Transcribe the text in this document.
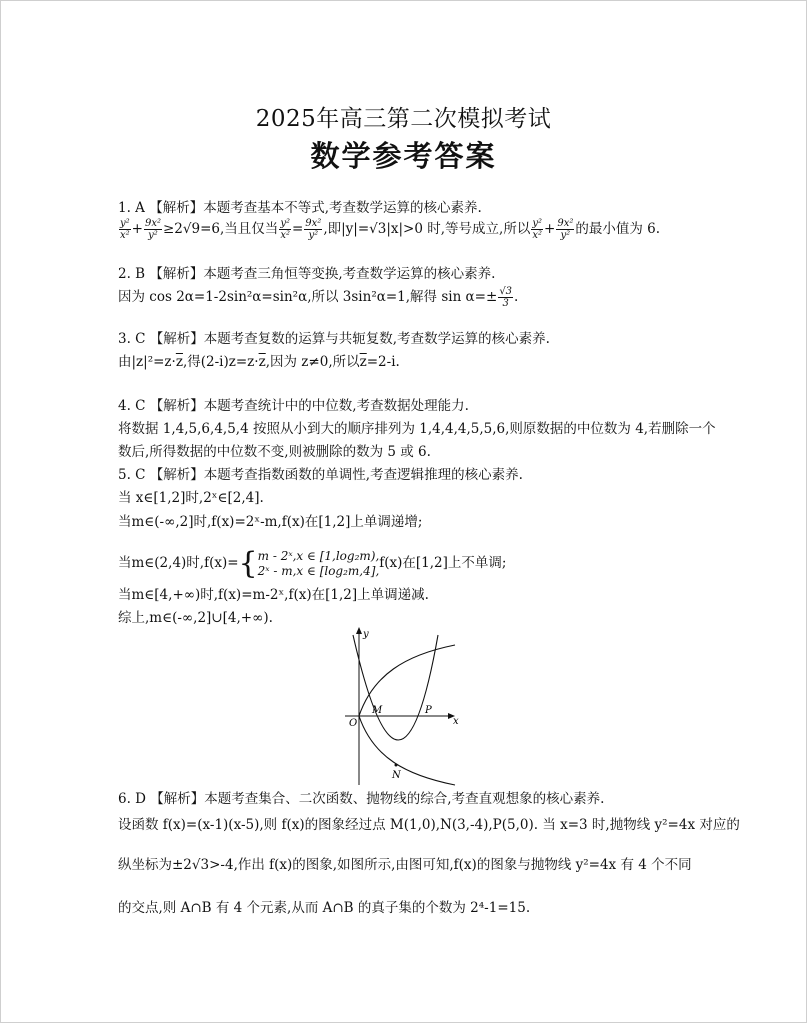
2025年高三第二次模拟考试
数学参考答案
1. A 【解析】本题考查基本不等式,考查数学运算的核心素养.
$\frac{\text{y²}}{\text{x²}} + \frac{\text{9x²}}{\text{y²}} \ge 2√9=6$,当且仅当 $\frac{\text{y²}}{\text{x²}} = \frac{\text{9x²}}{\text{y²}}$ ,即|y|=√3|x|>0 时,等号成立,所以 $\frac{\text{y²}}{\text{x²}} + \frac{\text{9x²}}{\text{y²}}$ 的最小值为 6.
2. B 【解析】本题考查三角恒等变换,考查数学运算的核心素养.
因为 cos 2α=1-2sin²α=sin²α,所以 3sin²α=1,解得 $\sin \alpha=\pm \frac{√3}{3}$ .
3. C 【解析】本题考查复数的运算与共轭复数,考查数学运算的核心素养.
由$|z|^2=z\cdot\overline{z}$,得$(2-i)z=z\cdot\overline{z}$,因为 z≠0,所以$\overline{z}=2-i$.
4. C 【解析】本题考查统计中的中位数,考查数据处理能力.
将数据 1,4,5,6,4,5,4 按照从小到大的顺序排列为 1,4,4,4,5,5,6,则原数据的中位数为 4,若删除一个
数后,所得数据的中位数不变,则被删除的数为 5 或 6.
5. C 【解析】本题考查指数函数的单调性,考查逻辑推理的核心素养.
当 x∈[1,2]时,2ˣ∈[2,4].
当m∈(-∞,2]时,f(x)=2ˣ-m,f(x)在[1,2]上单调递增;
当m∈(2,4)时,f(x)={ m - 2ˣ,x ∈ [1,log₂m),
2ˣ - m,x ∈ [log₂m,4], f(x)在[1,2]上不单调;
当m∈[4,+∞)时,f(x)=m-2ˣ,f(x)在[1,2]上单调递减.
综上,m∈(-∞,2]∪[4,+∞).
y
x
O
M	P
N
6. D 【解析】本题考查集合、二次函数、抛物线的综合,考查直观想象的核心素养.
设函数 f(x)=(x-1)(x-5),则 f(x)的图象经过点 M(1,0),N(3,-4),P(5,0). 当 x=3 时,抛物线 y²=4x 对应的
纵坐标为±2√3>-4,作出 f(x)的图象,如图所示,由图可知,f(x)的图象与抛物线 y²=4x 有 4 个不同
的交点,则 A∩B 有 4 个元素,从而 A∩B 的真子集的个数为 2⁴-1=15.
